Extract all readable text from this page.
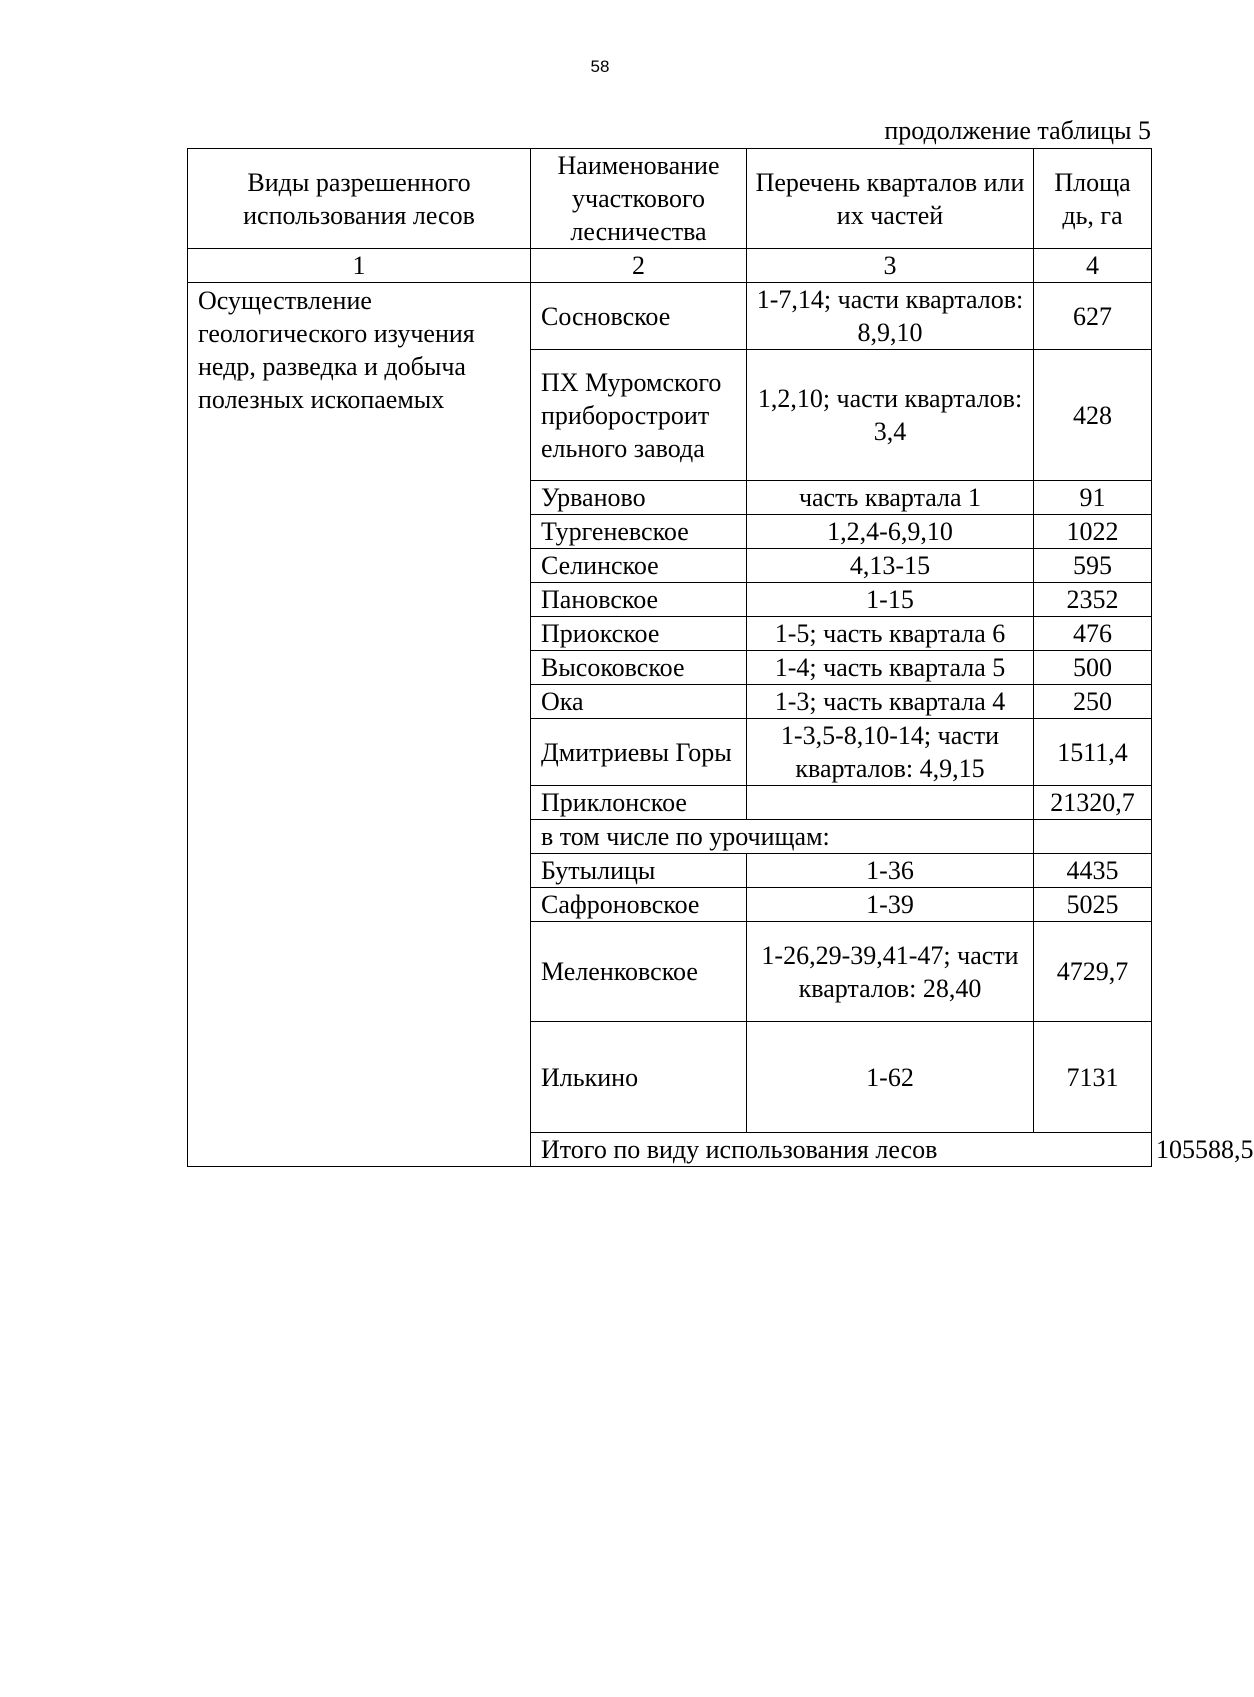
58
продолжение таблицы 5
Виды разрешенного использования лесов	Наименование участкового лесничества	Перечень кварталов или их частей	Площа дь, га	
1	2	3	4	
Осуществление геологического изучения недр, разведка и добыча полезных ископаемых	Сосновское	1-7,14; части кварталов: 8,9,10	627	
	ПХ Муромского приборостроит ельного завода	1,2,10; части кварталов: 3,4	428	
	Урваново	часть квартала 1	91	
	Тургеневское	1,2,4-6,9,10	1022	
	Селинское	4,13-15	595	
	Пановское	1-15	2352	
	Приокское	1-5; часть квартала 6	476	
	Высоковское	1-4; часть квартала 5	500	
	Ока	1-3; часть квартала 4	250	
	Дмитриевы Горы	1-3,5-8,10-14; части кварталов: 4,9,15	1511,4	
	Приклонское		21320,7	
	в том числе по урочищам:			
	Бутылицы	1-36	4435	
	Сафроновское	1-39	5025	
	Меленковское	1-26,29-39,41-47; части кварталов: 28,40	4729,7	
	Илькино	1-62	7131	
	Итого по виду использования лесов			105588,5
